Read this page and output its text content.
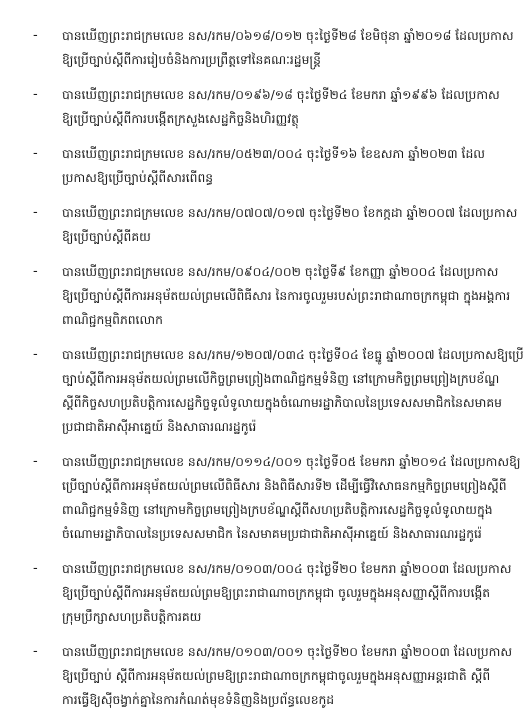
- បានឃើញព្រះរាជក្រមលេខ នស/រកម/០៦១៨/០១២ ចុះថ្ងៃទី២៨ ខែមិថុនា ឆ្នាំ២០១៨ ដែលប្រកាស
ឱ្យប្រើច្បាប់ស្តីពីការរៀបចំនិងការប្រព្រឹត្តទៅនៃគណៈរដ្ឋមន្ត្រី
- បានឃើញព្រះរាជក្រមលេខ នស/រកម/០១៩៦/១៨ ចុះថ្ងៃទី២៤ ខែមករា ឆ្នាំ១៩៩៦ ដែលប្រកាស
ឱ្យប្រើច្បាប់ស្តីពីការបង្កើតក្រសួងសេដ្ឋកិច្ចនិងហិរញ្ញវត្ថុ
- បានឃើញព្រះរាជក្រមលេខ នស/រកម/០៥២៣/០០៤ ចុះថ្ងៃទី១៦ ខែឧសភា ឆ្នាំ២០២៣ ដែល
ប្រកាសឱ្យប្រើច្បាប់ស្តីពីសារពើពន្ធ
- បានឃើញព្រះរាជក្រមលេខ នស/រកម/០៧០៧/០១៧ ចុះថ្ងៃទី២០ ខែកក្កដា ឆ្នាំ២០០៧ ដែលប្រកាស
ឱ្យប្រើច្បាប់ស្តីពីគយ
- បានឃើញព្រះរាជក្រមលេខ នស/រកម/០៩០៤/០០២ ចុះថ្ងៃទី៩ ខែកញ្ញា ឆ្នាំ២០០៤ ដែលប្រកាស
ឱ្យប្រើច្បាប់ស្តីពីការអនុម័តយល់ព្រមលើពិធីសារ នៃការចូលរួមរបស់ព្រះរាជាណាចក្រកម្ពុជា ក្នុងអង្គការ
ពាណិជ្ជកម្មពិភពលោក
- បានឃើញព្រះរាជក្រមលេខ នស/រកម/១២០៧/០៣៤ ចុះថ្ងៃទី០៤ ខែធ្នូ ឆ្នាំ២០០៧ ដែលប្រកាសឱ្យប្រើ
ច្បាប់ស្តីពីការអនុម័តយល់ព្រមលើកិច្ចព្រមព្រៀងពាណិជ្ជកម្មទំនិញ នៅក្រោមកិច្ចព្រមព្រៀងក្របខ័ណ្ឌ
ស្តីពីកិច្ចសហប្រតិបត្តិការសេដ្ឋកិច្ចទូលំទូលាយក្នុងចំណោមរដ្ឋាភិបាលនៃប្រទេសសមាជិកនៃសមាគម
ប្រជាជាតិអាស៊ីអាគ្នេយ៍ និងសាធារណរដ្ឋកូរ៉េ
- បានឃើញព្រះរាជក្រមលេខ នស/រកម/០១១៤/០០១ ចុះថ្ងៃទី០៥ ខែមករា ឆ្នាំ២០១៤ ដែលប្រកាសឱ្យ
ប្រើច្បាប់ស្តីពីការអនុម័តយល់ព្រមលើពិធីសារ និងពិធីសារទី២ ដើម្បីធ្វើវិសោធនកម្មកិច្ចព្រមព្រៀងស្តីពី
ពាណិជ្ជកម្មទំនិញ នៅក្រោមកិច្ចព្រមព្រៀងក្របខ័ណ្ឌស្តីពីសហប្រតិបត្តិការសេដ្ឋកិច្ចទូលំទូលាយក្នុង
ចំណោមរដ្ឋាភិបាលនៃប្រទេសសមាជិក នៃសមាគមប្រជាជាតិអាស៊ីអាគ្នេយ៍ និងសាធារណរដ្ឋកូរ៉េ
- បានឃើញព្រះរាជក្រមលេខ នស/រកម/០១០៣/០០៤ ចុះថ្ងៃទី២០ ខែមករា ឆ្នាំ២០០៣ ដែលប្រកាស
ឱ្យប្រើច្បាប់ស្តីពីការអនុម័តយល់ព្រមឱ្យព្រះរាជាណាចក្រកម្ពុជា ចូលរួមក្នុងអនុសញ្ញាស្តីពីការបង្កើត
ក្រុមប្រឹក្សាសហប្រតិបត្តិការគយ
- បានឃើញព្រះរាជក្រមលេខ នស/រកម/០១០៣/០០១ ចុះថ្ងៃទី២០ ខែមករា ឆ្នាំ២០០៣ ដែលប្រកាស
ឱ្យប្រើច្បាប់ ស្តីពីការអនុម័តយល់ព្រមឱ្យព្រះរាជាណាចក្រកម្ពុជាចូលរួមក្នុងអនុសញ្ញាអន្តរជាតិ ស្តីពី
ការធ្វើឱ្យស៊ីចង្វាក់គ្នានៃការកំណត់មុខទំនិញនិងប្រព័ន្ធលេខកូដ
